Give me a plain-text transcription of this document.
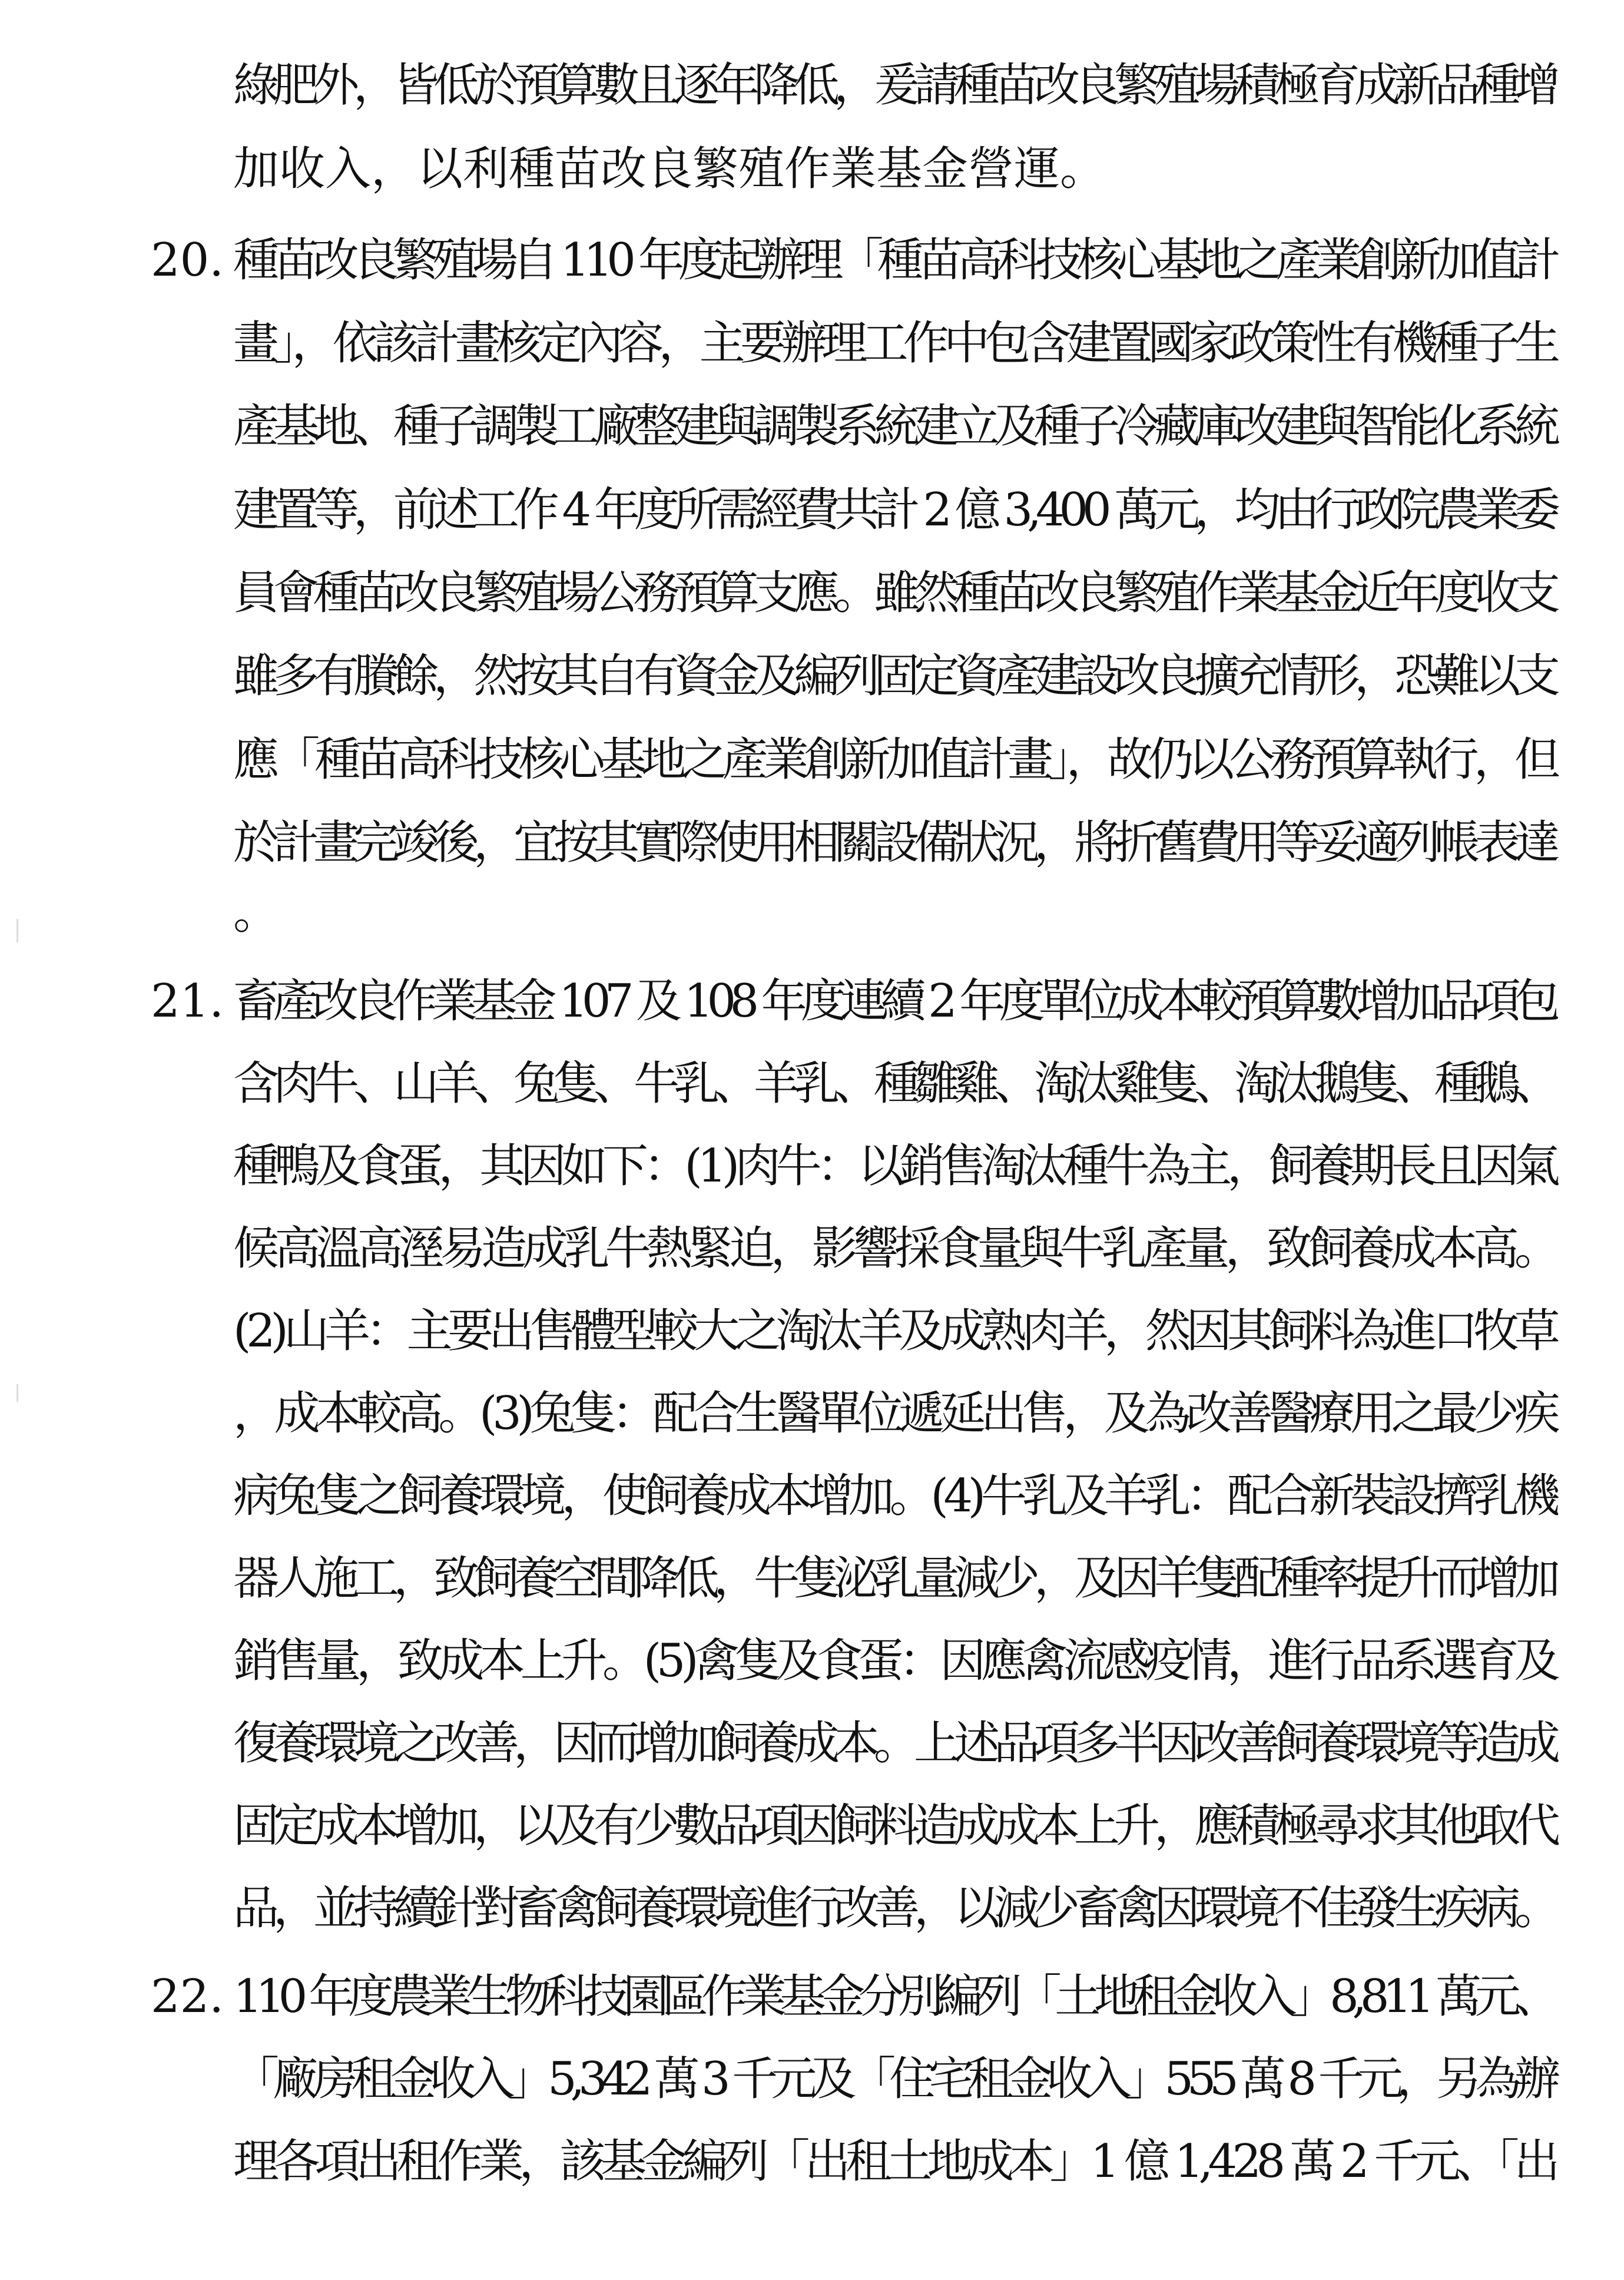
綠肥外，皆低於預算數且逐年降低，爰請種苗改良繁殖場積極育成新品種增
加收入，以利種苗改良繁殖作業基金營運。
20. 種苗改良繁殖場自 110 年度起辦理「種苗高科技核心基地之產業創新加值計
畫」，依該計畫核定內容，主要辦理工作中包含建置國家政策性有機種子生
產基地、種子調製工廠整建與調製系統建立及種子冷藏庫改建與智能化系統
建置等，前述工作 4 年度所需經費共計 2 億 3,400 萬元，均由行政院農業委
員會種苗改良繁殖場公務預算支應。雖然種苗改良繁殖作業基金近年度收支
雖多有賸餘，然按其自有資金及編列固定資產建設改良擴充情形，恐難以支
應「種苗高科技核心基地之產業創新加值計畫」，故仍以公務預算執行，但
於計畫完竣後，宜按其實際使用相關設備狀況，將折舊費用等妥適列帳表達
。
21. 畜產改良作業基金 107 及 108 年度連續 2 年度單位成本較預算數增加品項包
含肉牛、山羊、兔隻、牛乳、羊乳、種雛雞、淘汰雞隻、淘汰鵝隻、種鵝、
種鴨及食蛋，其因如下：(1)肉牛：以銷售淘汰種牛為主，飼養期長且因氣
候高溫高溼易造成乳牛熱緊迫，影響採食量與牛乳產量，致飼養成本高。
(2)山羊：主要出售體型較大之淘汰羊及成熟肉羊，然因其飼料為進口牧草
，成本較高。(3)兔隻：配合生醫單位遞延出售，及為改善醫療用之最少疾
病兔隻之飼養環境，使飼養成本增加。(4)牛乳及羊乳：配合新裝設擠乳機
器人施工，致飼養空間降低，牛隻泌乳量減少，及因羊隻配種率提升而增加
銷售量，致成本上升。(5)禽隻及食蛋：因應禽流感疫情，進行品系選育及
復養環境之改善，因而增加飼養成本。上述品項多半因改善飼養環境等造成
固定成本增加，以及有少數品項因飼料造成成本上升，應積極尋求其他取代
品，並持續針對畜禽飼養環境進行改善，以減少畜禽因環境不佳發生疾病。
22. 110 年度農業生物科技園區作業基金分別編列「土地租金收入」8,811 萬元、
「廠房租金收入」5,342 萬 3 千元及「住宅租金收入」555 萬 8 千元，另為辦
理各項出租作業，該基金編列「出租土地成本」1 億 1,428 萬 2 千元、「出
